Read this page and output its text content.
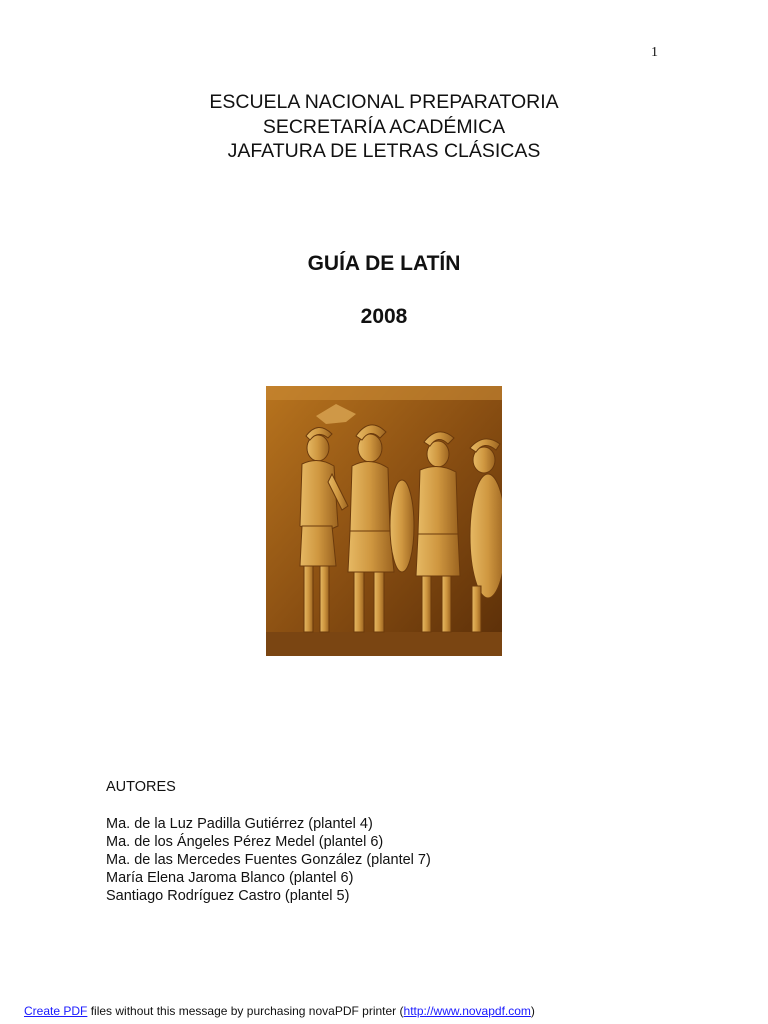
1
ESCUELA NACIONAL PREPARATORIA
SECRETARÍA ACADÉMICA
JAFATURA DE LETRAS CLÁSICAS
GUÍA DE LATÍN
2008
AUTORES
Ma. de la Luz Padilla Gutiérrez (plantel 4)
Ma. de los Ángeles Pérez Medel (plantel 6)
Ma. de las Mercedes Fuentes González (plantel 7)
María Elena Jaroma Blanco (plantel 6)
Santiago Rodríguez Castro (plantel 5)
Create PDF files without this message by purchasing novaPDF printer (http://www.novapdf.com)
